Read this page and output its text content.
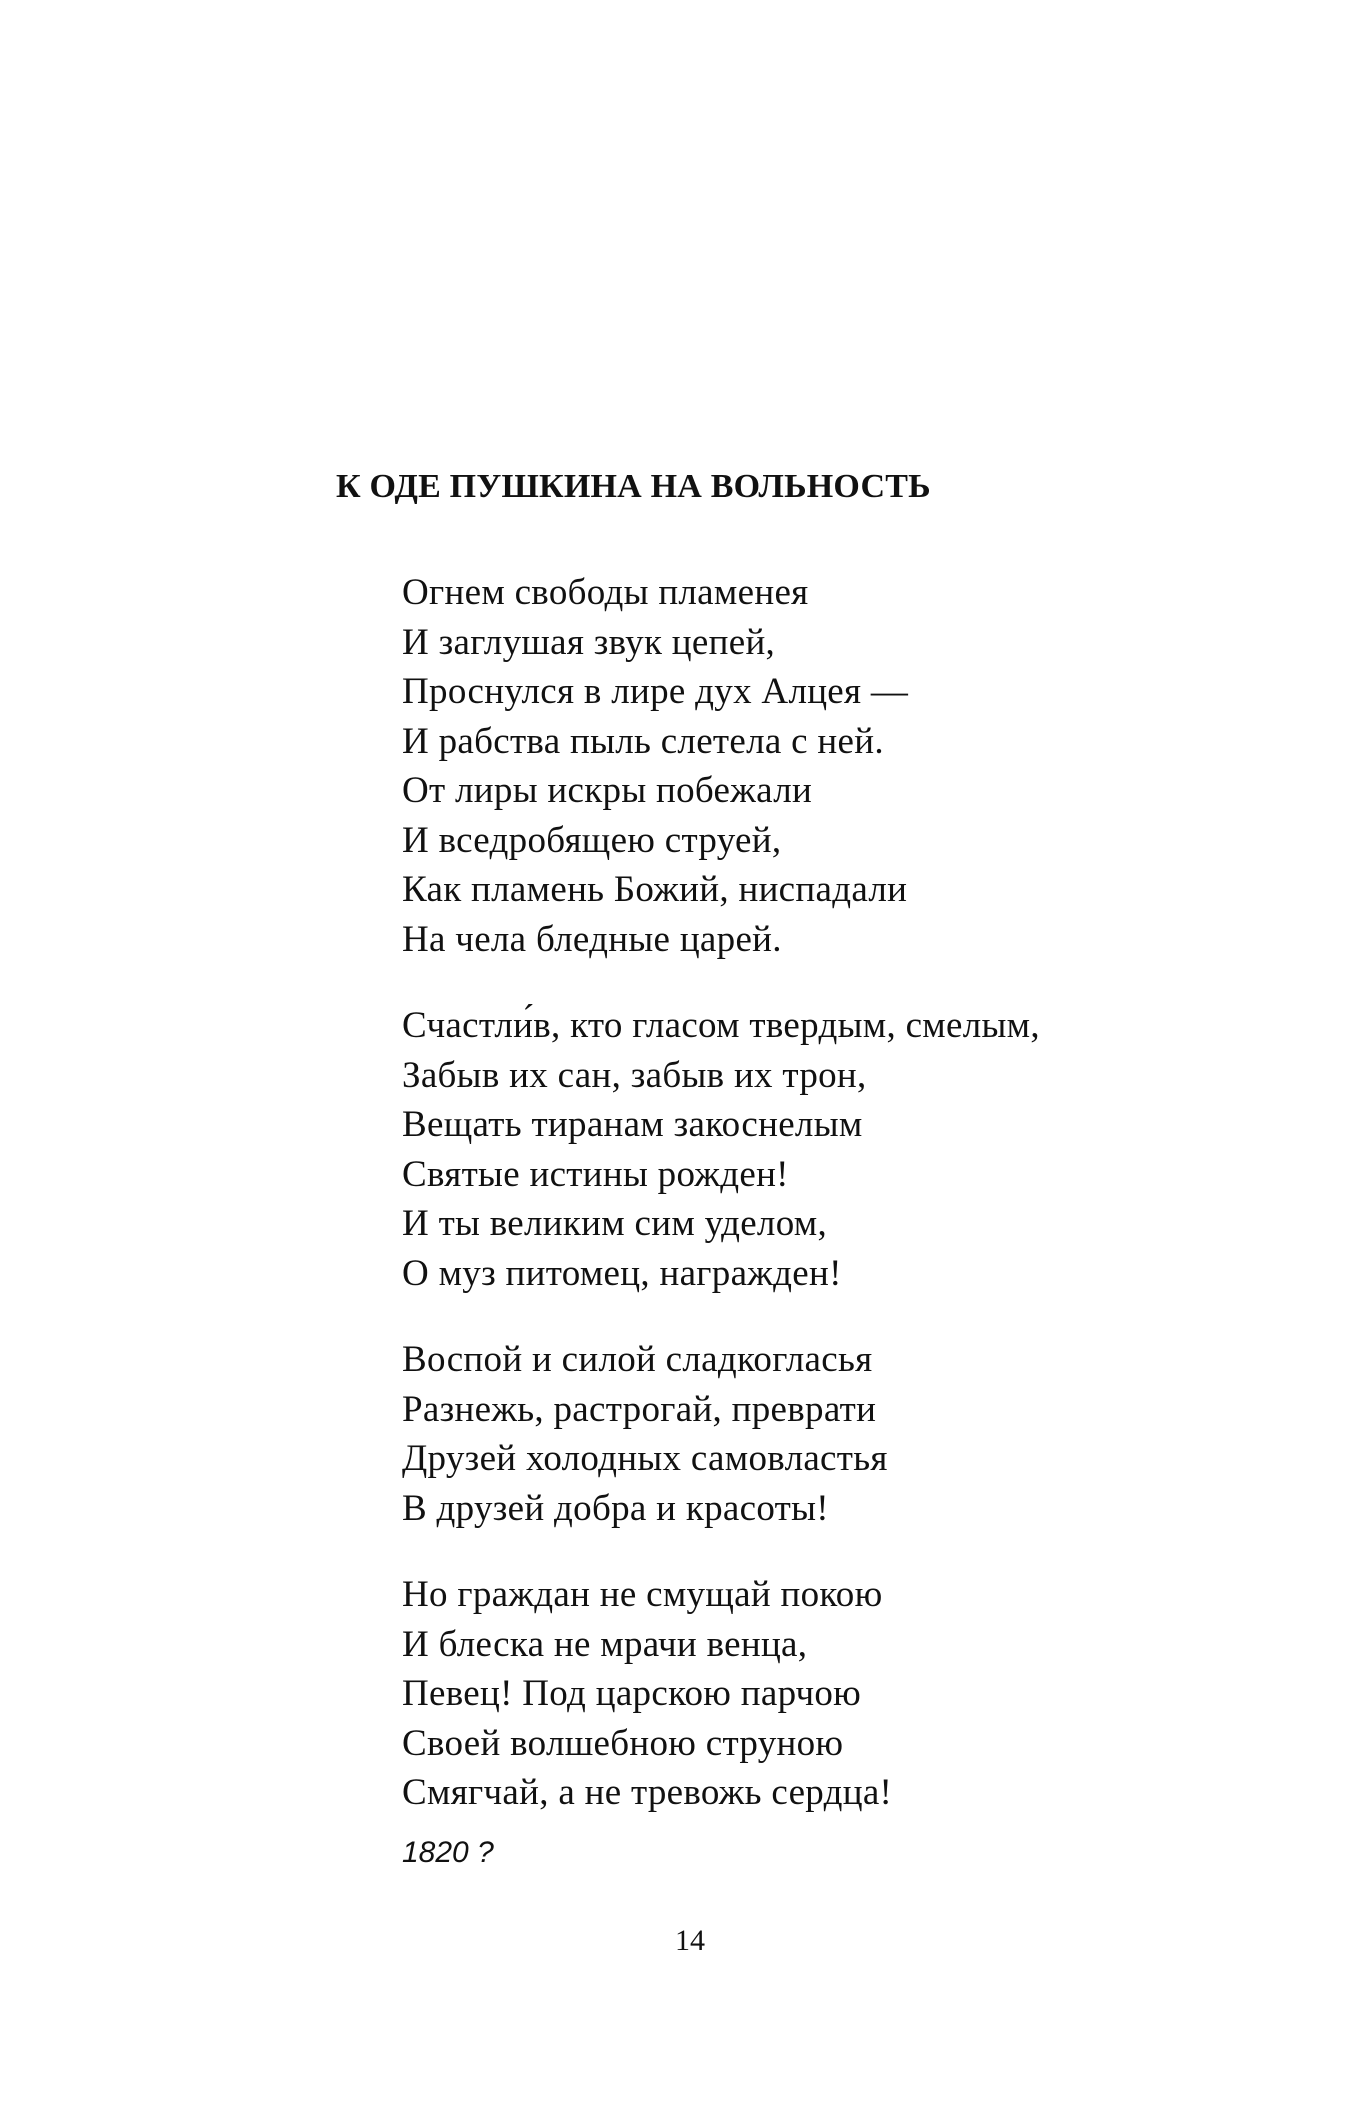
К ОДЕ ПУШКИНА НА ВОЛЬНОСТЬ
Огнем свободы пламенея
И заглушая звук цепей,
Проснулся в лире дух Алцея —
И рабства пыль слетела с ней.
От лиры искры побежали
И вседробящею струей,
Как пламень Божий, ниспадали
На чела бледные царей.
Счастли́в, кто гласом твердым, смелым,
Забыв их сан, забыв их трон,
Вещать тиранам закоснелым
Святые истины рожден!
И ты великим сим уделом,
О муз питомец, награжден!
Воспой и силой сладкогласья
Разнежь, растрогай, преврати
Друзей холодных самовластья
В друзей добра и красоты!
Но граждан не смущай покою
И блеска не мрачи венца,
Певец! Под царскою парчою
Своей волшебною струною
Смягчай, а не тревожь сердца!
1820 ?
14
